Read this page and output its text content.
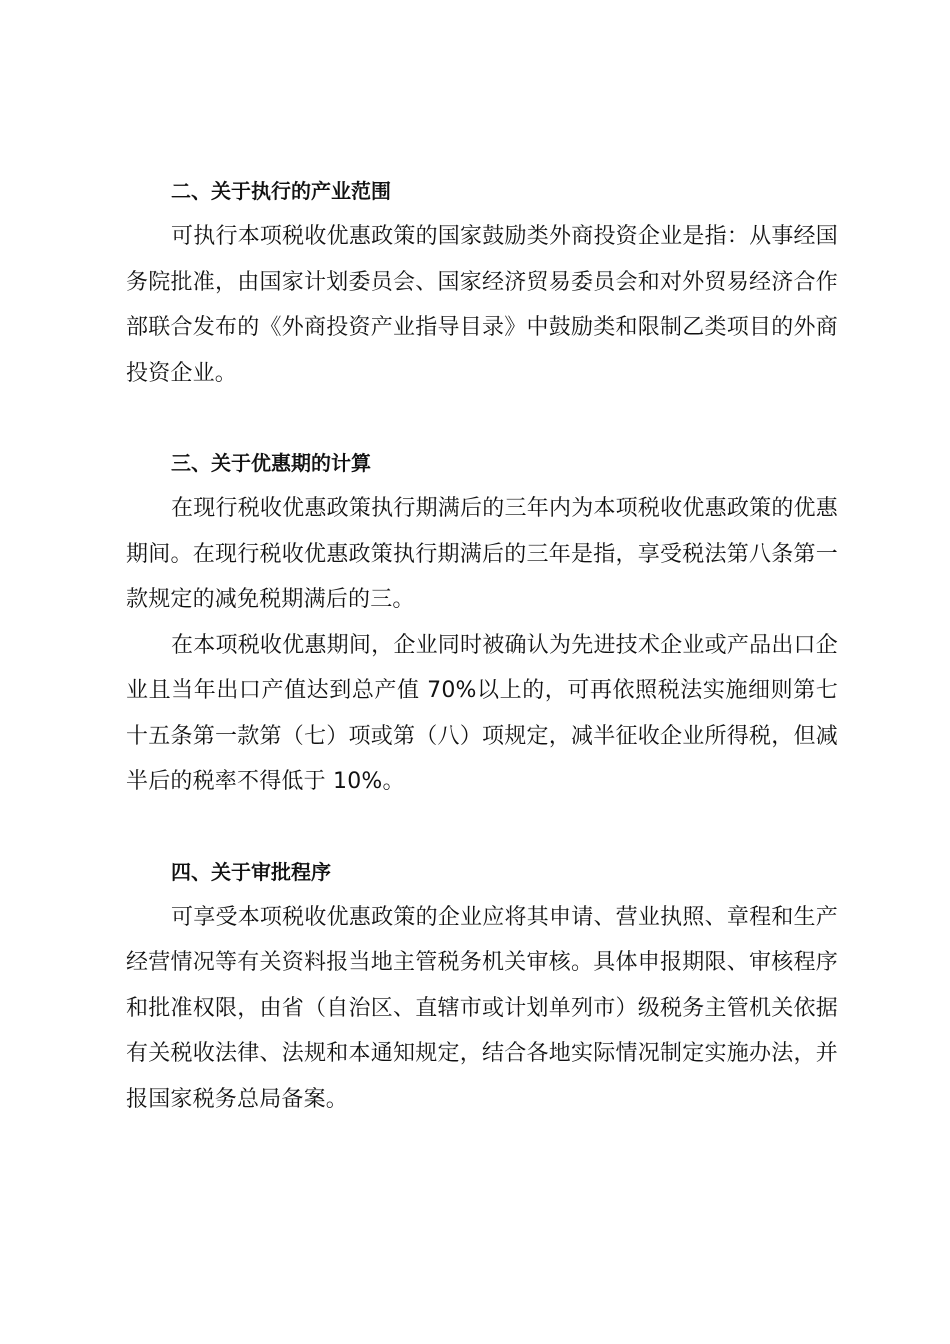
二、关于执行的产业范围

可执行本项税收优惠政策的国家鼓励类外商投资企业是指：从事经国务院批准，由国家计划委员会、国家经济贸易委员会和对外贸易经济合作部联合发布的《外商投资产业指导目录》中鼓励类和限制乙类项目的外商投资企业。

三、关于优惠期的计算

在现行税收优惠政策执行期满后的三年内为本项税收优惠政策的优惠期间。在现行税收优惠政策执行期满后的三年是指，享受税法第八条第一款规定的减免税期满后的三。

在本项税收优惠期间，企业同时被确认为先进技术企业或产品出口企业且当年出口产值达到总产值 70%以上的，可再依照税法实施细则第七十五条第一款第（七）项或第（八）项规定，减半征收企业所得税，但减半后的税率不得低于 10%。

四、关于审批程序

可享受本项税收优惠政策的企业应将其申请、营业执照、章程和生产经营情况等有关资料报当地主管税务机关审核。具体申报期限、审核程序和批准权限，由省（自治区、直辖市或计划单列市）级税务主管机关依据有关税收法律、法规和本通知规定，结合各地实际情况制定实施办法，并报国家税务总局备案。
